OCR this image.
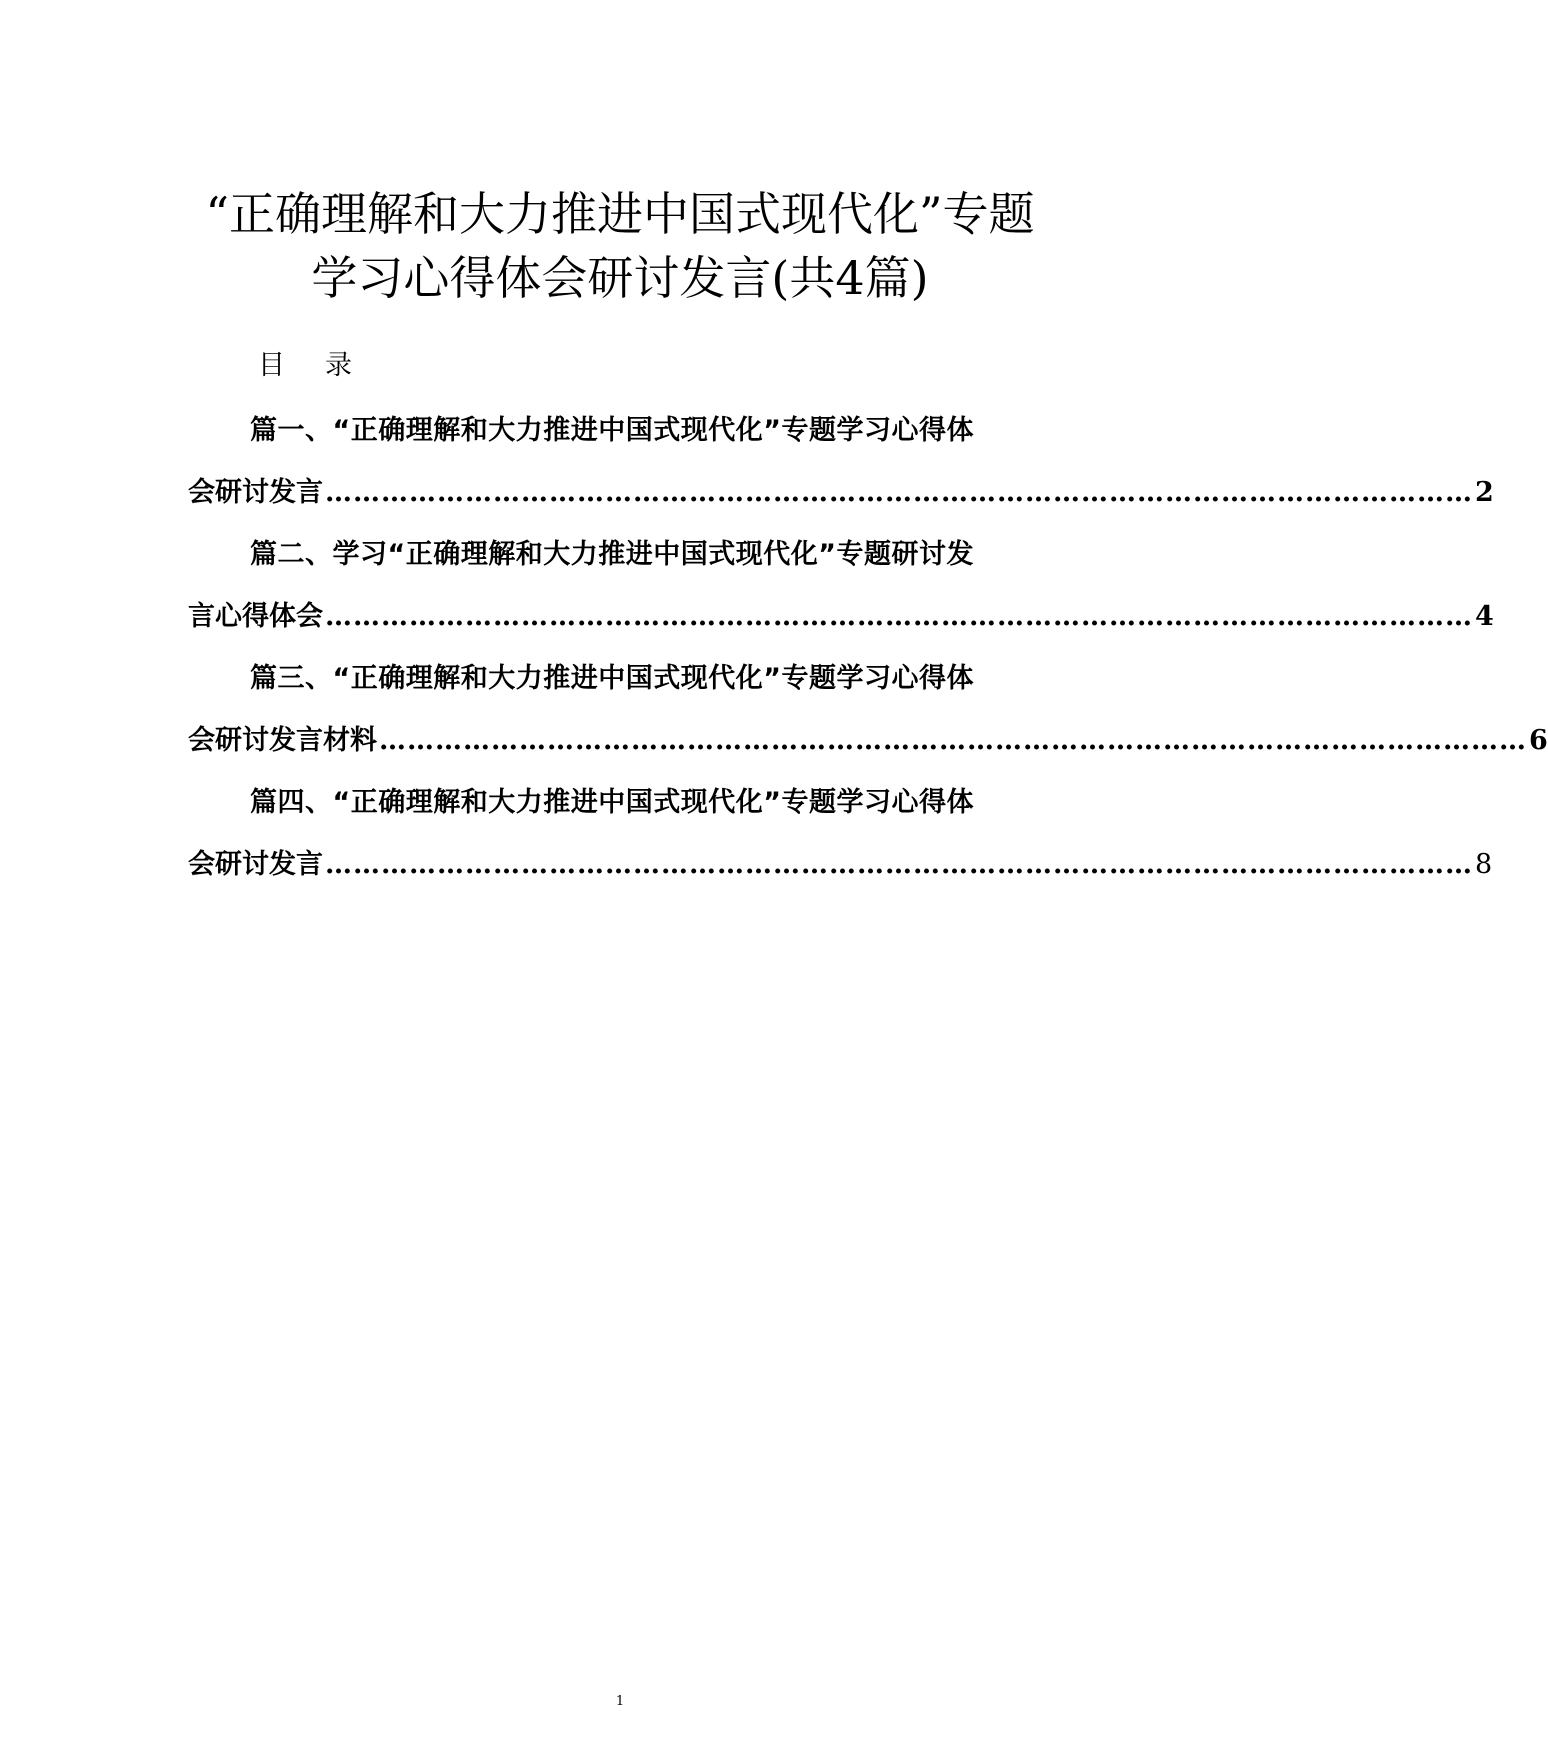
“正确理解和大力推进中国式现代化”专题
学习心得体会研讨发言(共4篇)
目 录
篇一、“正确理解和大力推进中国式现代化”专题学习心得体
会研讨发言 …………………………………………………………………………………………………………… 2
篇二、学习“正确理解和大力推进中国式现代化”专题研讨发
言心得体会 …………………………………………………………………………………………………………… 4
篇三、“正确理解和大力推进中国式现代化”专题学习心得体
会研讨发言材料 …………………………………………………………………………………………………………… 6
篇四、“正确理解和大力推进中国式现代化”专题学习心得体
会研讨发言 …………………………………………………………………………………………………………… 8
1
